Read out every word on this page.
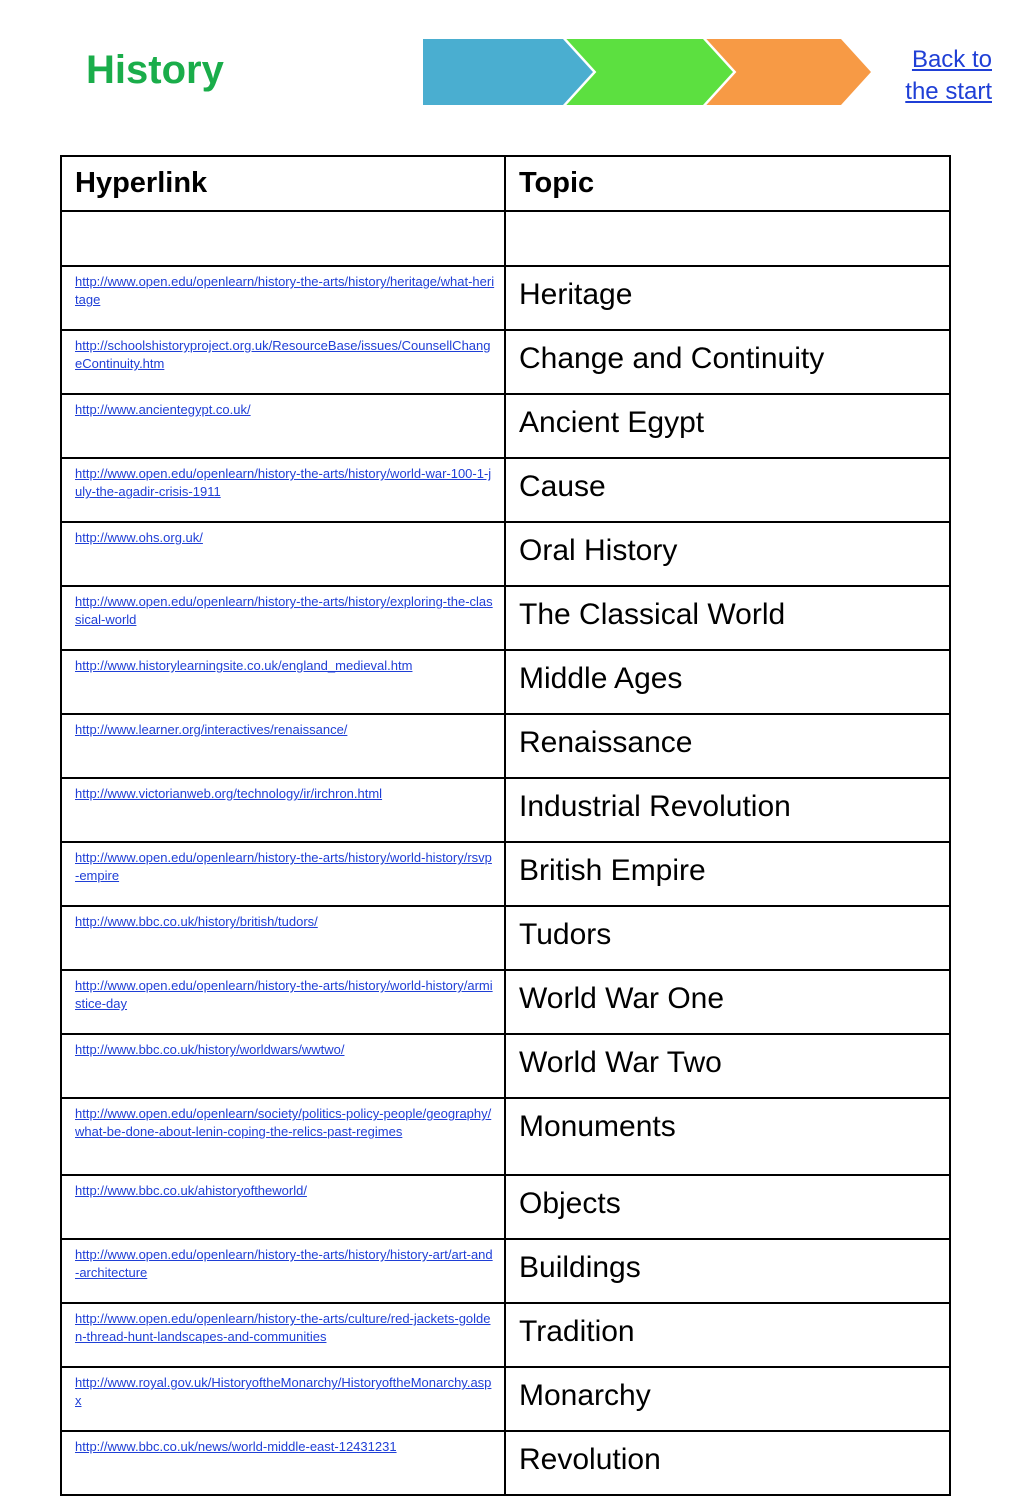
History	Back to
the start
Hyperlink	Topic

http://www.open.edu/openlearn/history-the-arts/history/heritage/what-heritage	Heritage
http://schoolshistoryproject.org.uk/ResourceBase/issues/CounsellChangeContinuity.htm	Change and Continuity
http://www.ancientegypt.co.uk/	Ancient Egypt
http://www.open.edu/openlearn/history-the-arts/history/world-war-100-1-july-the-agadir-crisis-1911	Cause
http://www.ohs.org.uk/	Oral History
http://www.open.edu/openlearn/history-the-arts/history/exploring-the-classical-world	The Classical World
http://www.historylearningsite.co.uk/england_medieval.htm	Middle Ages
http://www.learner.org/interactives/renaissance/	Renaissance
http://www.victorianweb.org/technology/ir/irchron.html	Industrial Revolution
http://www.open.edu/openlearn/history-the-arts/history/world-history/rsvp-empire	British Empire
http://www.bbc.co.uk/history/british/tudors/	Tudors
http://www.open.edu/openlearn/history-the-arts/history/world-history/armistice-day	World War One
http://www.bbc.co.uk/history/worldwars/wwtwo/	World War Two
http://www.open.edu/openlearn/society/politics-policy-people/geography/what-be-done-about-lenin-coping-the-relics-past-regimes	Monuments
http://www.bbc.co.uk/ahistoryoftheworld/	Objects
http://www.open.edu/openlearn/history-the-arts/history/history-art/art-and-architecture	Buildings
http://www.open.edu/openlearn/history-the-arts/culture/red-jackets-golden-thread-hunt-landscapes-and-communities	Tradition
http://www.royal.gov.uk/HistoryoftheMonarchy/HistoryoftheMonarchy.aspx	Monarchy
http://www.bbc.co.uk/news/world-middle-east-12431231	Revolution
